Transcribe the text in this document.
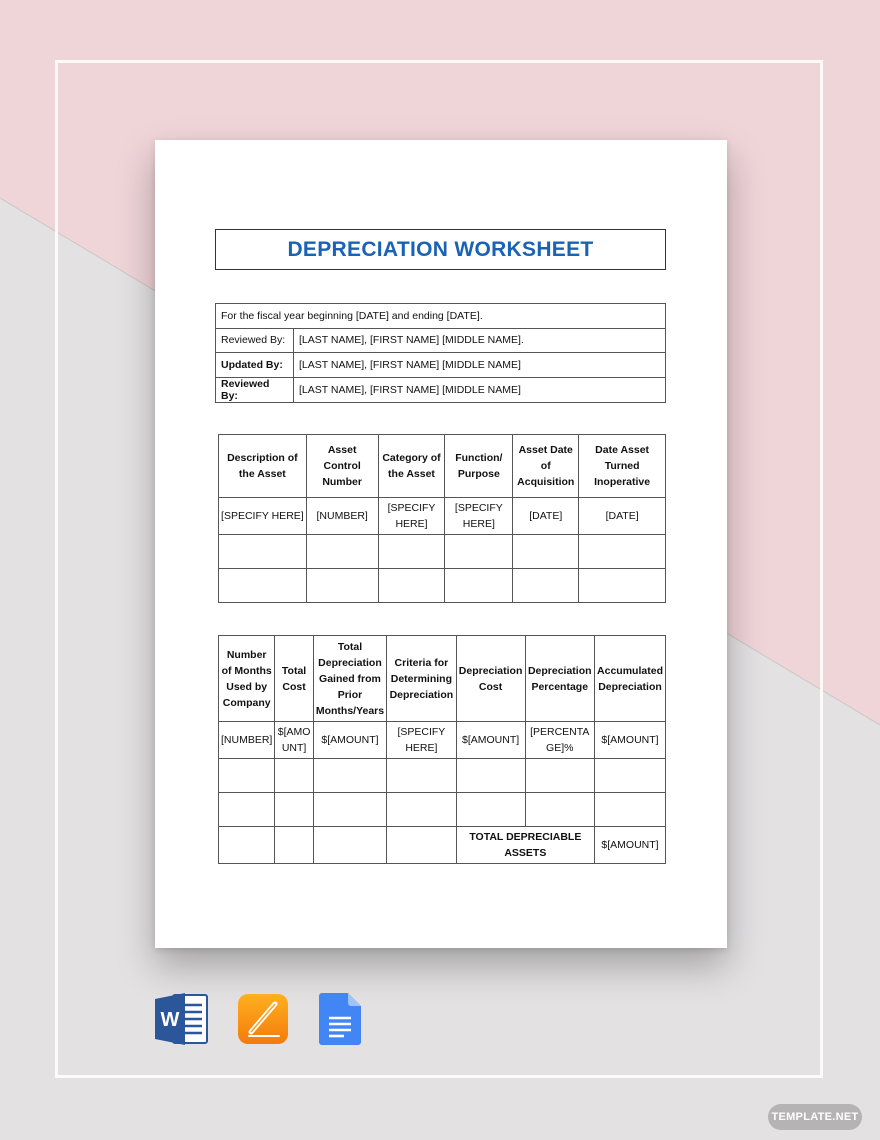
DEPRECIATION WORKSHEET
For the fiscal year beginning [DATE] and ending [DATE].	
Reviewed By:	[LAST NAME], [FIRST NAME] [MIDDLE NAME].
Updated By:	[LAST NAME], [FIRST NAME] [MIDDLE NAME]
Reviewed By:	[LAST NAME], [FIRST NAME] [MIDDLE NAME]
Description of the Asset	Asset Control Number	Category of the Asset	Function/ Purpose	Asset Date of Acquisition	Date Asset Turned Inoperative
[SPECIFY HERE]	[NUMBER]	[SPECIFY HERE]	[SPECIFY HERE]	[DATE]	[DATE]

Number of Months Used by Company	Total Cost	Total Depreciation Gained from Prior Months/Years	Criteria for Determining Depreciation	Depreciation Cost	Depreciation Percentage	Accumulated Depreciation
[NUMBER]	$[AMOUNT]	$[AMOUNT]	[SPECIFY HERE]	$[AMOUNT]	[PERCENTAGE]%	$[AMOUNT]

				TOTAL DEPRECIABLE ASSETS		$[AMOUNT]
W
TEMPLATE.NET
